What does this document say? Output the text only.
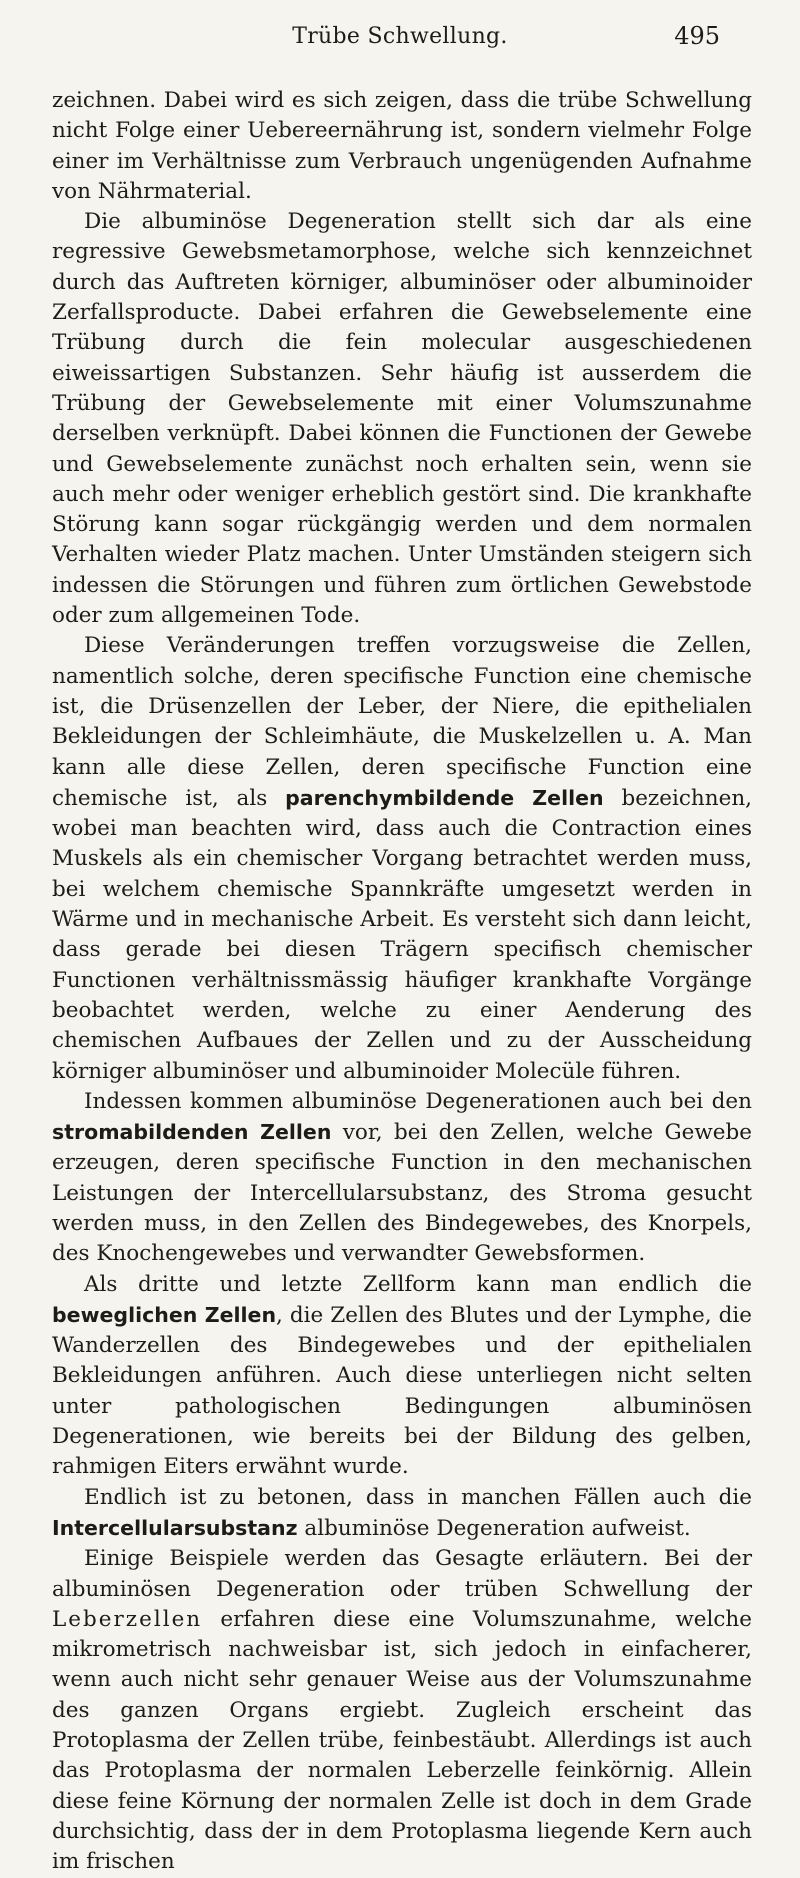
Trübe Schwellung.	495

zeichnen. Dabei wird es sich zeigen, dass die trübe Schwellung nicht Folge einer Uebereernährung ist, sondern vielmehr Folge einer im Verhältnisse zum Verbrauch ungenügenden Aufnahme von Nährmaterial.

Die albuminöse Degeneration stellt sich dar als eine regressive Gewebsmetamorphose, welche sich kennzeichnet durch das Auftreten körniger, albuminöser oder albuminoider Zerfallsproducte. Dabei erfahren die Gewebselemente eine Trübung durch die fein molecular ausgeschiedenen eiweissartigen Substanzen. Sehr häufig ist ausserdem die Trübung der Gewebselemente mit einer Volumszunahme derselben verknüpft. Dabei können die Functionen der Gewebe und Gewebselemente zunächst noch erhalten sein, wenn sie auch mehr oder weniger erheblich gestört sind. Die krankhafte Störung kann sogar rückgängig werden und dem normalen Verhalten wieder Platz machen. Unter Umständen steigern sich indessen die Störungen und führen zum örtlichen Gewebstode oder zum allgemeinen Tode.

Diese Veränderungen treffen vorzugsweise die Zellen, namentlich solche, deren specifische Function eine chemische ist, die Drüsenzellen der Leber, der Niere, die epithelialen Bekleidungen der Schleimhäute, die Muskelzellen u. A. Man kann alle diese Zellen, deren specifische Function eine chemische ist, als parenchymbildende Zellen bezeichnen, wobei man beachten wird, dass auch die Contraction eines Muskels als ein chemischer Vorgang betrachtet werden muss, bei welchem chemische Spannkräfte umgesetzt werden in Wärme und in mechanische Arbeit. Es versteht sich dann leicht, dass gerade bei diesen Trägern specifisch chemischer Functionen verhältnissmässig häufiger krankhafte Vorgänge beobachtet werden, welche zu einer Aenderung des chemischen Aufbaues der Zellen und zu der Ausscheidung körniger albuminöser und albuminoider Molecüle führen.

Indessen kommen albuminöse Degenerationen auch bei den stromabildenden Zellen vor, bei den Zellen, welche Gewebe erzeugen, deren specifische Function in den mechanischen Leistungen der Intercellularsubstanz, des Stroma gesucht werden muss, in den Zellen des Bindegewebes, des Knorpels, des Knochengewebes und verwandter Gewebsformen.

Als dritte und letzte Zellform kann man endlich die beweglichen Zellen, die Zellen des Blutes und der Lymphe, die Wanderzellen des Bindegewebes und der epithelialen Bekleidungen anführen. Auch diese unterliegen nicht selten unter pathologischen Bedingungen albuminösen Degenerationen, wie bereits bei der Bildung des gelben, rahmigen Eiters erwähnt wurde.

Endlich ist zu betonen, dass in manchen Fällen auch die Intercellularsubstanz albuminöse Degeneration aufweist.

Einige Beispiele werden das Gesagte erläutern. Bei der albuminösen Degeneration oder trüben Schwellung der Leberzellen erfahren diese eine Volumszunahme, welche mikrometrisch nachweisbar ist, sich jedoch in einfacherer, wenn auch nicht sehr genauer Weise aus der Volumszunahme des ganzen Organs ergiebt. Zugleich erscheint das Protoplasma der Zellen trübe, feinbestäubt. Allerdings ist auch das Protoplasma der normalen Leberzelle feinkörnig. Allein diese feine Körnung der normalen Zelle ist doch in dem Grade durchsichtig, dass der in dem Protoplasma liegende Kern auch im frischen
